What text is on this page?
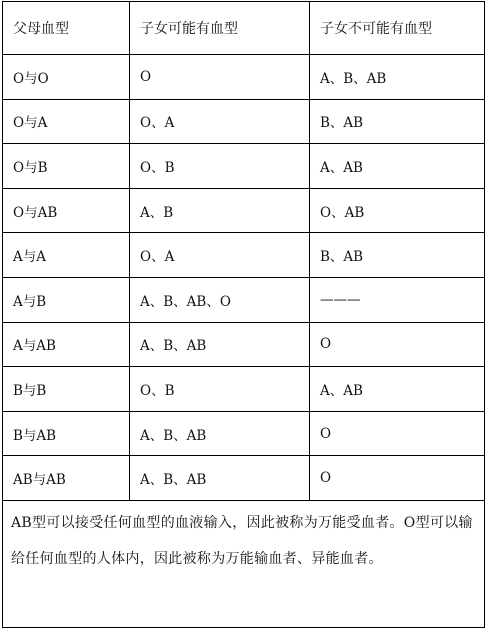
父母血型	子女可能有血型	子女不可能有血型
O与O	O	A、B、AB
O与A	O、A	B、AB
O与B	O、B	A、AB
O与AB	A、B	O、AB
A与A	O、A	B、AB
A与B	A、B、AB、O	———
A与AB	A、B、AB	O
B与B	O、B	A、AB
B与AB	A、B、AB	O
AB与AB	A、B、AB	O
AB型可以接受任何血型的血液输入，因此被称为万能受血者。O型可以输给任何血型的人体内，因此被称为万能输血者、异能血者。		
